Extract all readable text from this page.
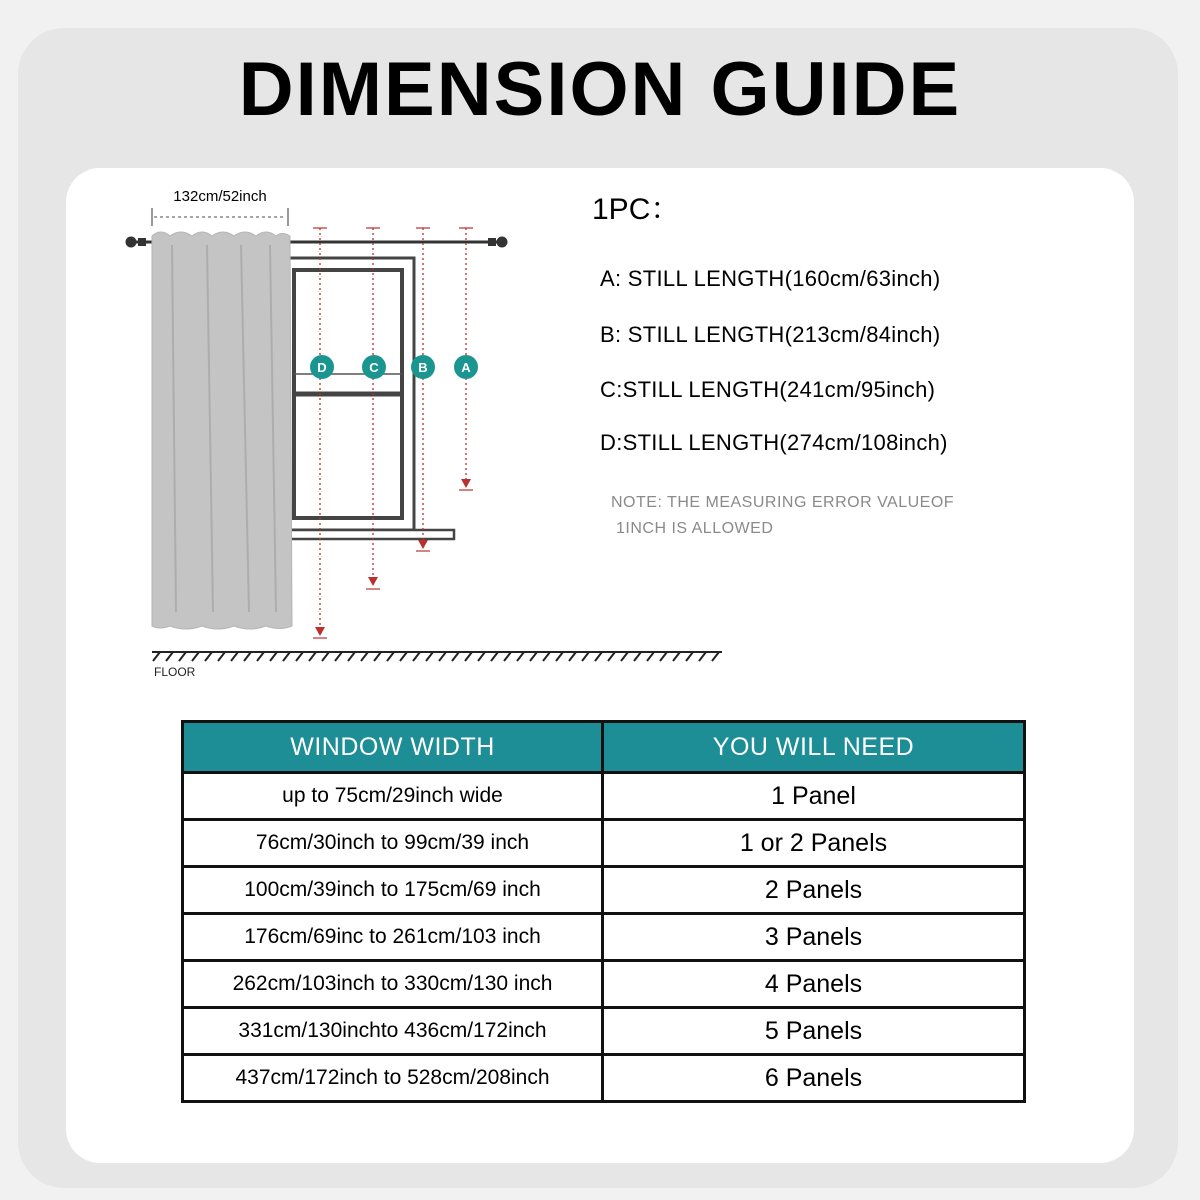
DIMENSION GUIDE
132cm/52inch
D	C	B	A
FLOOR
1PC：
A: STILL LENGTH(160cm/63inch)
B: STILL LENGTH(213cm/84inch)
C:STILL LENGTH(241cm/95inch)
D:STILL LENGTH(274cm/108inch)
NOTE: THE MEASURING ERROR VALUEOF
1INCH IS ALLOWED
WINDOW WIDTH	YOU WILL NEED
up to 75cm/29inch wide	1 Panel
76cm/30inch to 99cm/39 inch	1 or 2 Panels
100cm/39inch to 175cm/69 inch	2 Panels
176cm/69inc to 261cm/103 inch	3 Panels
262cm/103inch to 330cm/130 inch	4 Panels
331cm/130inchto 436cm/172inch	5 Panels
437cm/172inch to 528cm/208inch	6 Panels
